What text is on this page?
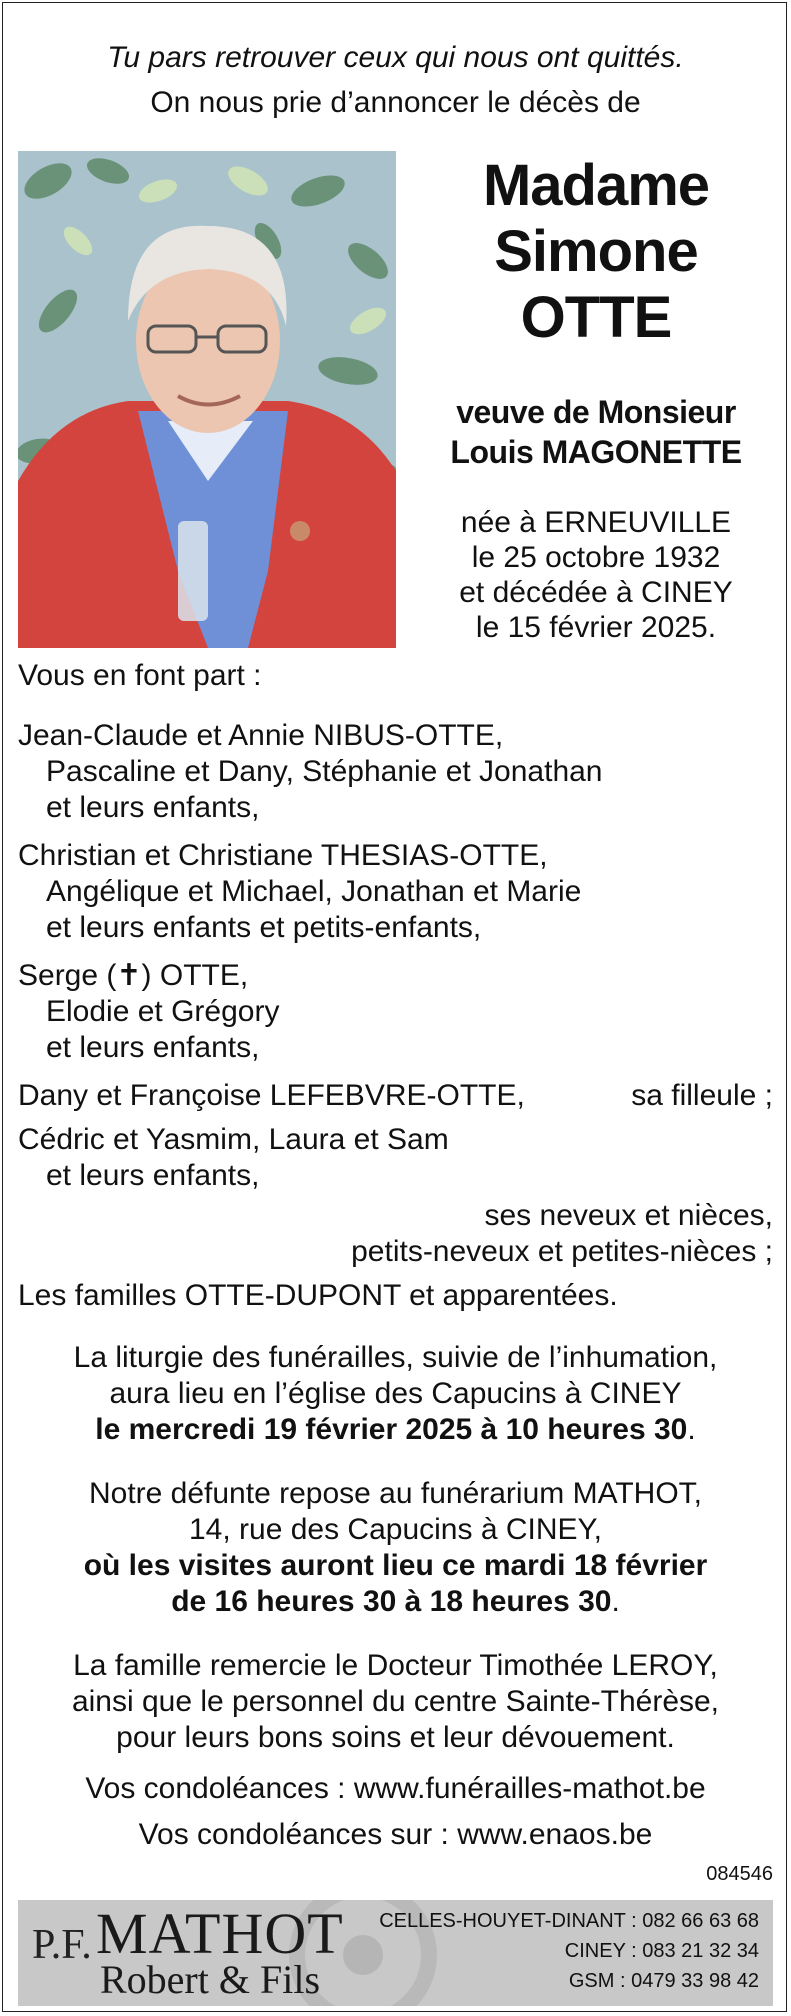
Tu pars retrouver ceux qui nous ont quittés.
On nous prie d’annoncer le décès de
Madame
Simone
OTTE
veuve de Monsieur
Louis MAGONETTE
née à ERNEUVILLE
le 25 octobre 1932
et décédée à CINEY
le 15 février 2025.
Vous en font part :
Jean-Claude et Annie NIBUS-OTTE,
Pascaline et Dany, Stéphanie et Jonathan
et leurs enfants,
Christian et Christiane THESIAS-OTTE,
Angélique et Michael, Jonathan et Marie
et leurs enfants et petits-enfants,
Serge (✝) OTTE,
Elodie et Grégory
et leurs enfants,
Dany et Françoise LEFEBVRE-OTTE,	sa filleule ;
Cédric et Yasmim, Laura et Sam
et leurs enfants,
ses neveux et nièces,
petits-neveux et petites-nièces ;
Les familles OTTE-DUPONT et apparentées.
La liturgie des funérailles, suivie de l’inhumation,
aura lieu en l’église des Capucins à CINEY
le mercredi 19 février 2025 à 10 heures 30.
Notre défunte repose au funérarium MATHOT,
14, rue des Capucins à CINEY,
où les visites auront lieu ce mardi 18 février
de 16 heures 30 à 18 heures 30.
La famille remercie le Docteur Timothée LEROY,
ainsi que le personnel du centre Sainte-Thérèse,
pour leurs bons soins et leur dévouement.
Vos condoléances : www.funérailles-mathot.be
Vos condoléances sur : www.enaos.be
084546
P.F. MATHOT
Robert & Fils
CELLES-HOUYET-DINANT : 082 66 63 68
CINEY : 083 21 32 34
GSM : 0479 33 98 42
